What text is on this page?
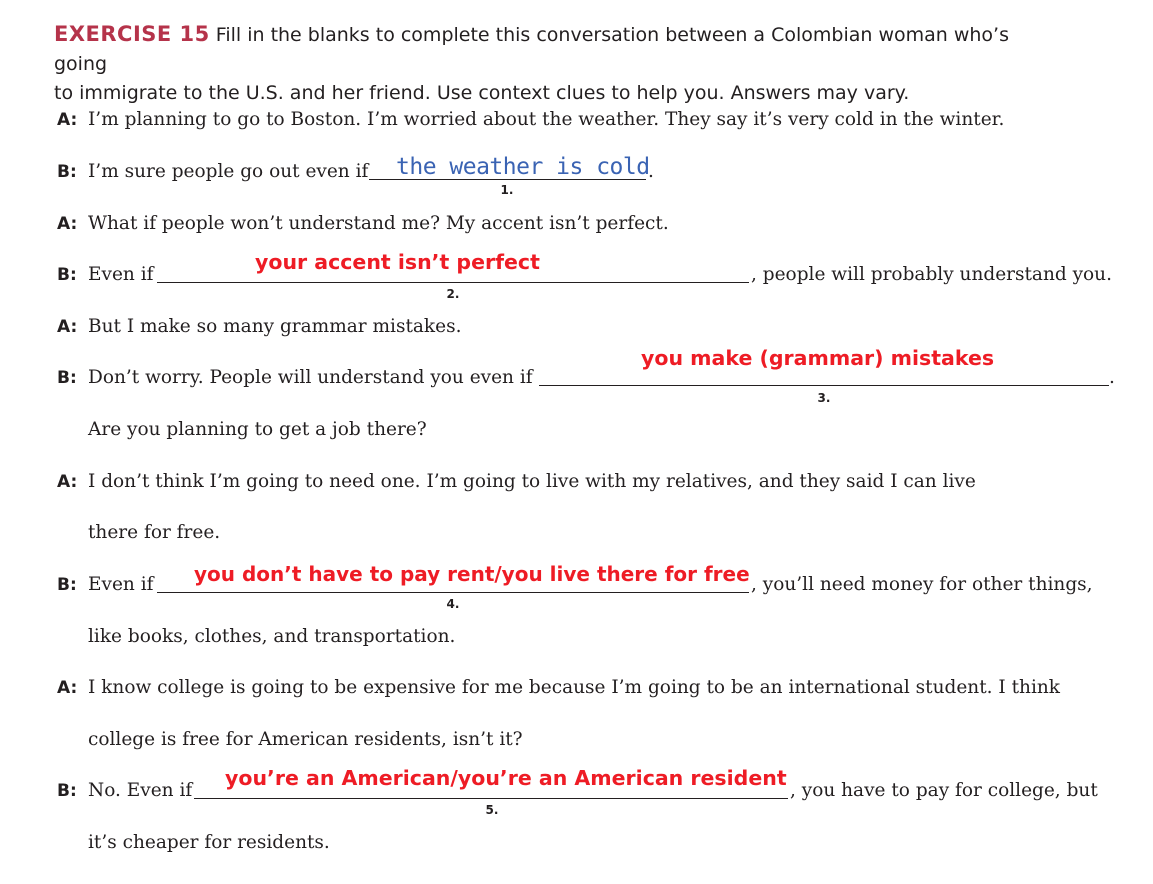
EXERCISE 15 Fill in the blanks to complete this conversation between a Colombian woman who’s going
to immigrate to the U.S. and her friend. Use context clues to help you. Answers may vary.
A: I’m planning to go to Boston. I’m worried about the weather. They say it’s very cold in the winter.
B: I’m sure people go out even if the weather is cold
.
1.
A: What if people won’t understand me? My accent isn’t perfect.
B: Even if
your accent isn’t perfect
, people will probably understand you.
2.
A: But I make so many grammar mistakes.
B: Don’t worry. People will understand you even if
you make (grammar) mistakes
.
3.
Are you planning to get a job there?
A: I don’t think I’m going to need one. I’m going to live with my relatives, and they said I can live
there for free.
B: Even if you don’t have to pay rent/you live there for free , you’ll need money for other things,
4.
like books, clothes, and transportation.
A: I know college is going to be expensive for me because I’m going to be an international student. I think
college is free for American residents, isn’t it?
B: No. Even if
you’re an American/you’re an American resident
, you have to pay for college, but
5.
it’s cheaper for residents.
